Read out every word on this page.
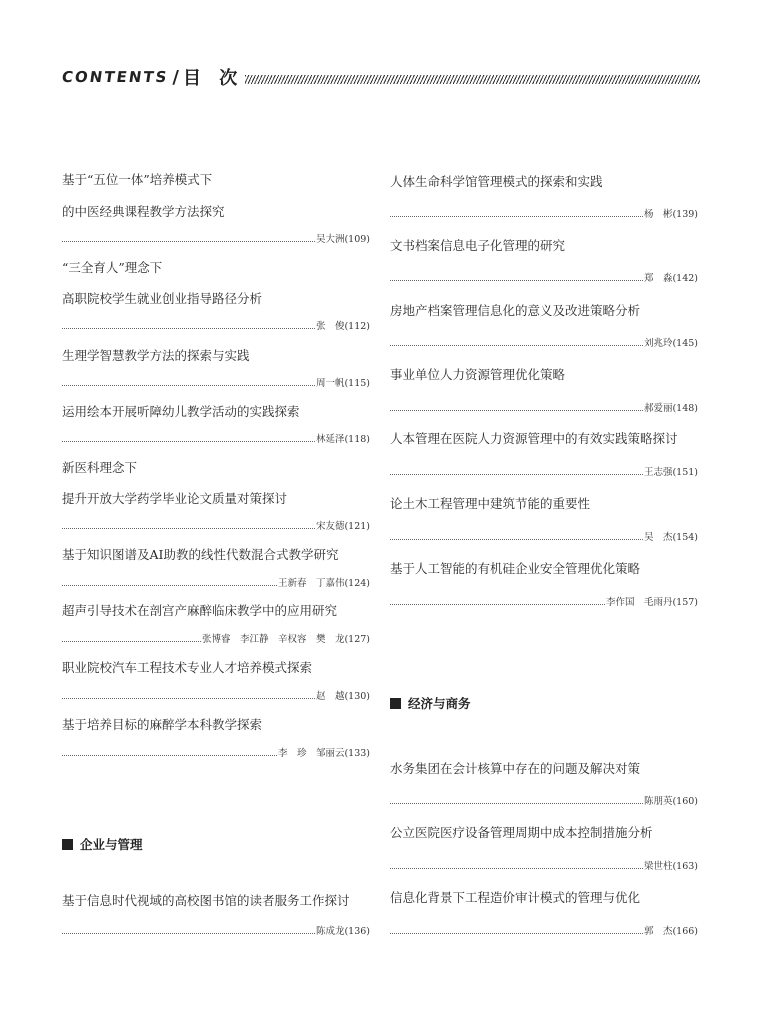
CONTENTS / 目 次
基于“五位一体”培养模式下
的中医经典课程教学方法探究
吴大洲(109)
“三全育人”理念下
高职院校学生就业创业指导路径分析
张　俊(112)
生理学智慧教学方法的探索与实践
周一帆(115)
运用绘本开展听障幼儿教学活动的实践探索
林延泽(118)
新医科理念下
提升开放大学药学毕业论文质量对策探讨
宋友德(121)
基于知识图谱及AI助教的线性代数混合式教学研究
王新春　丁嘉伟(124)
超声引导技术在剖宫产麻醉临床教学中的应用研究
张博睿　李江静　辛权容　樊　龙(127)
职业院校汽车工程技术专业人才培养模式探索
赵　越(130)
基于培养目标的麻醉学本科教学探索
李　珍　邹丽云(133)
企业与管理
基于信息时代视域的高校图书馆的读者服务工作探讨
陈成龙(136)
人体生命科学馆管理模式的探索和实践
杨　彬(139)
文书档案信息电子化管理的研究
郑　淼(142)
房地产档案管理信息化的意义及改进策略分析
刘兆玲(145)
事业单位人力资源管理优化策略
郝爱丽(148)
人本管理在医院人力资源管理中的有效实践策略探讨
王志强(151)
论土木工程管理中建筑节能的重要性
吴　杰(154)
基于人工智能的有机硅企业安全管理优化策略
李作国　毛雨丹(157)
经济与商务
水务集团在会计核算中存在的问题及解决对策
陈朋英(160)
公立医院医疗设备管理周期中成本控制措施分析
梁世柱(163)
信息化背景下工程造价审计模式的管理与优化
郭　杰(166)
